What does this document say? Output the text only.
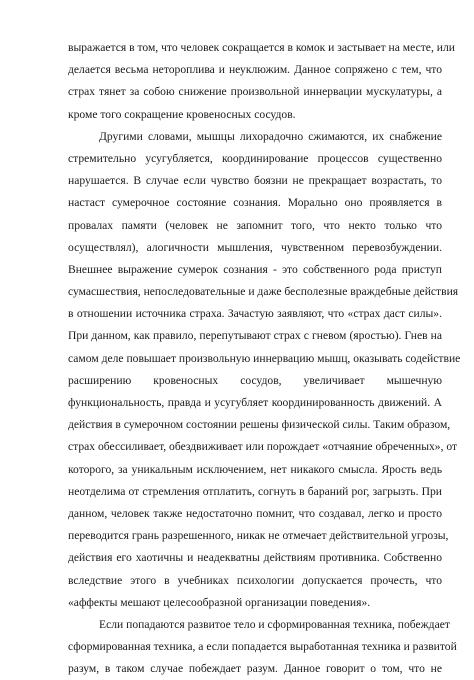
выражается в том, что человек сокращается в комок и застывает на месте, или
делается весьма нетороплива и неуклюжим. Данное сопряжено с тем, что
страх тянет за собою снижение произвольной иннервации мускулатуры, а
кроме того сокращение кровеносных сосудов.
Другими словами, мышцы лихорадочно сжимаются, их снабжение
стремительно усугубляется, координирование процессов существенно
нарушается. В случае если чувство боязни не прекращает возрастать, то
настаст сумерочное состояние сознания. Морально оно проявляется в
провалах памяти (человек не запомнит того, что некто только что
осуществлял), алогичности мышления, чувственном перевозбуждении.
Внешнее выражение сумерок сознания - это собственного рода приступ
сумасшествия, непоследовательные и даже бесполезные враждебные действия
в отношении источника страха. Зачастую заявляют, что «страх даст силы».
При данном, как правило, перепутывают страх с гневом (яростью). Гнев на
самом деле повышает произвольную иннервацию мышц, оказывать содействие
расширению кровеносных сосудов, увеличивает мышечную
функциональность, правда и усугубляет координированность движений. А
действия в сумерочном состоянии решены физической силы. Таким образом,
страх обессиливает, обездвиживает или порождает «отчаяние обреченных», от
которого, за уникальным исключением, нет никакого смысла. Ярость ведь
неотделима от стремления отплатить, согнуть в бараний рог, загрызть. При
данном, человек также недостаточно помнит, что создавал, легко и просто
переводится грань разрешенного, никак не отмечает действительной угрозы,
действия его хаотичны и неадекватны действиям противника. Собственно
вследствие этого в учебниках психологии допускается прочесть, что
«аффекты мешают целесообразной организации поведения».
Если попадаются развитое тело и сформированная техника, побеждает
сформированная техника, а если попадается выработанная техника и развитой
разум, в таком случае побеждает разум. Данное говорит о том, что не
